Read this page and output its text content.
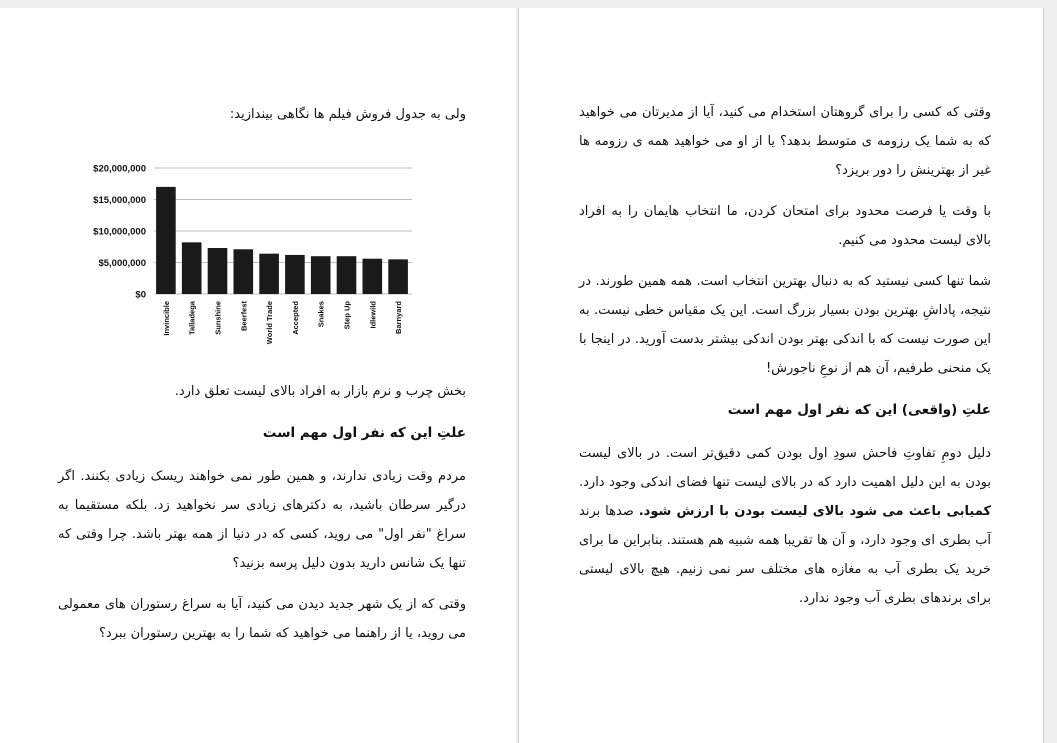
ولی به جدول فروش فیلم ها نگاهی بیندازید:

$0
$5,000,000
$10,000,000
$15,000,000
$20,000,000
Invincible Talladega Sunshine Beerfest World Trade Accepted Snakes Step Up Idlewild Barnyard

بخش چرب و نرم بازار به افراد بالای لیست تعلق دارد.

علتِ این که نفر اول مهم است

مردم وقت زیادی ندارند، و همین طور نمی خواهند ریسک زیادی بکنند. اگر درگیر سرطان باشید، به دکترهای زیادی سر نخواهید زد. بلکه مستقیما به سراغ "نفر اول" می روید، کسی که در دنیا از همه بهتر باشد. چرا وقتی که تنها یک شانس دارید بدون دلیل پرسه بزنید؟

وقتی که از یک شهر جدید دیدن می کنید، آیا به سراغ رستوران های معمولی می روید، یا از راهنما می خواهید که شما را به بهترین رستوران ببرد؟

وقتی که کسی را برای گروهتان استخدام می کنید، آیا از مدیرتان می خواهید که به شما یک رزومه ی متوسط بدهد؟ یا از او می خواهید همه ی رزومه ها غیر از بهترینش را دور بریزد؟

با وقت یا فرصت محدود برای امتحان کردن، ما انتخاب هایمان را به افراد بالای لیست محدود می کنیم.

شما تنها کسی نیستید که به دنبال بهترین انتخاب است. همه همین طورند. در نتیجه، پاداشِ بهترین بودن بسیار بزرگ است. این یک مقیاس خطی نیست. به این صورت نیست که با اندکی بهتر بودن اندکی بیشتر بدست آورید. در اینجا با یک منحنی طرفیم، آن هم از نوعِ ناجورش!

علتِ (واقعی) این که نفر اول مهم است

دلیل دومِ تفاوتِ فاحش سودِ اول بودن کمی دقیق‌تر است. در بالای لیست بودن به این دلیل اهمیت دارد که در بالای لیست تنها فضای اندکی وجود دارد. کمیابی باعث می شود بالای لیست بودن با ارزش شود. صدها برند آب بطری ای وجود دارد، و آن ها تقریبا همه شبیه هم هستند. بنابراین ما برای خرید یک بطری آب به مغازه های مختلف سر نمی زنیم. هیچ بالای لیستی برای برندهای بطری آب وجود ندارد.
